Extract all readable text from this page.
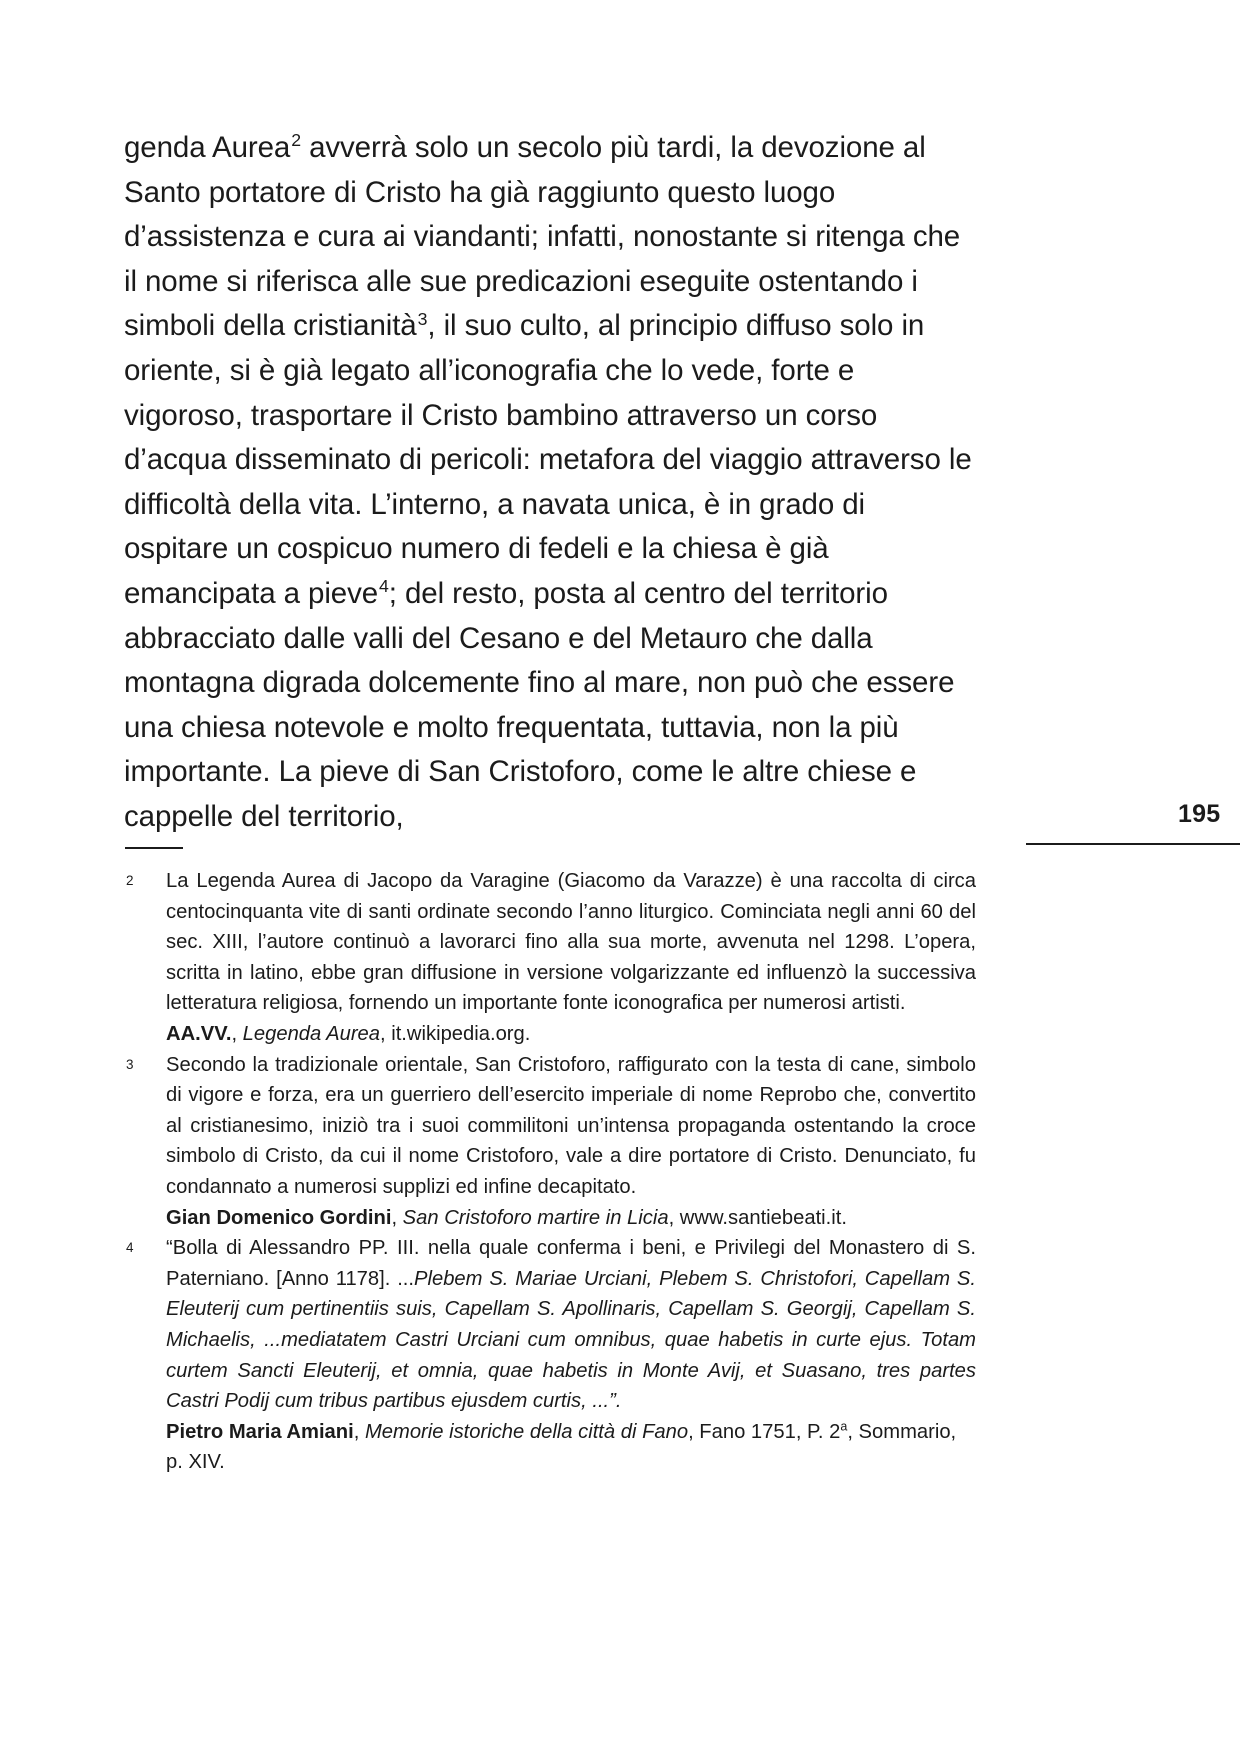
genda Aurea$^2$ avverrà solo un secolo più tardi, la devozione al Santo portatore di Cristo ha già raggiunto questo luogo d’assistenza e cura ai viandanti; infatti, nonostante si ritenga che il nome si riferisca alle sue predicazioni eseguite ostentando i simboli della cristianità$^3$, il suo culto, al principio diffuso solo in oriente, si è già legato all’iconografia che lo vede, forte e vigoroso, trasportare il Cristo bambino attraverso un corso d’acqua disseminato di pericoli: metafora del viaggio attraverso le difficoltà della vita. L’interno, a navata unica, è in grado di ospitare un cospicuo numero di fedeli e la chiesa è già emancipata a pieve$^4$; del resto, posta al centro del territorio abbracciato dalle valli del Cesano e del Metauro che dalla montagna digrada dolcemente fino al mare, non può che essere una chiesa notevole e molto frequentata, tuttavia, non la più importante. La pieve di San Cristoforo, come le altre chiese e cappelle del territorio,	195
2 La Legenda Aurea di Jacopo da Varagine (Giacomo da Varazze) è una raccolta di circa centocinquanta vite di santi ordinate secondo l’anno liturgico. Cominciata negli anni 60 del sec. XIII, l’autore continuò a lavorarci fino alla sua morte, avvenuta nel 1298. L’opera, scritta in latino, ebbe gran diffusione in versione volgarizzante ed influenzò la successiva letteratura religiosa, fornendo un importante fonte iconografica per numerosi artisti.
AA.VV., Legenda Aurea, it.wikipedia.org.
3 Secondo la tradizionale orientale, San Cristoforo, raffigurato con la testa di cane, simbolo di vigore e forza, era un guerriero dell’esercito imperiale di nome Reprobo che, convertito al cristianesimo, iniziò tra i suoi commilitoni un’intensa propaganda ostentando la croce simbolo di Cristo, da cui il nome Cristoforo, vale a dire portatore di Cristo. Denunciato, fu condannato a numerosi supplizi ed infine decapitato.
Gian Domenico Gordini, San Cristoforo martire in Licia, www.santiebeati.it.
4 “Bolla di Alessandro PP. III. nella quale conferma i beni, e Privilegi del Monastero di S. Paterniano. [Anno 1178]. ...Plebem S. Mariae Urciani, Plebem S. Christofori, Capellam S. Eleuterij cum pertinentiis suis, Capellam S. Apollinaris, Capellam S. Georgij, Capellam S. Michaelis, ...mediatatem Castri Urciani cum omnibus, quae habetis in curte ejus. Totam curtem Sancti Eleuterij, et omnia, quae habetis in Monte Avij, et Suasano, tres partes Castri Podij cum tribus partibus ejusdem curtis, ...”.
Pietro Maria Amiani, Memorie istoriche della città di Fano, Fano 1751, P. 2$^a$, Sommario, p. XIV.
